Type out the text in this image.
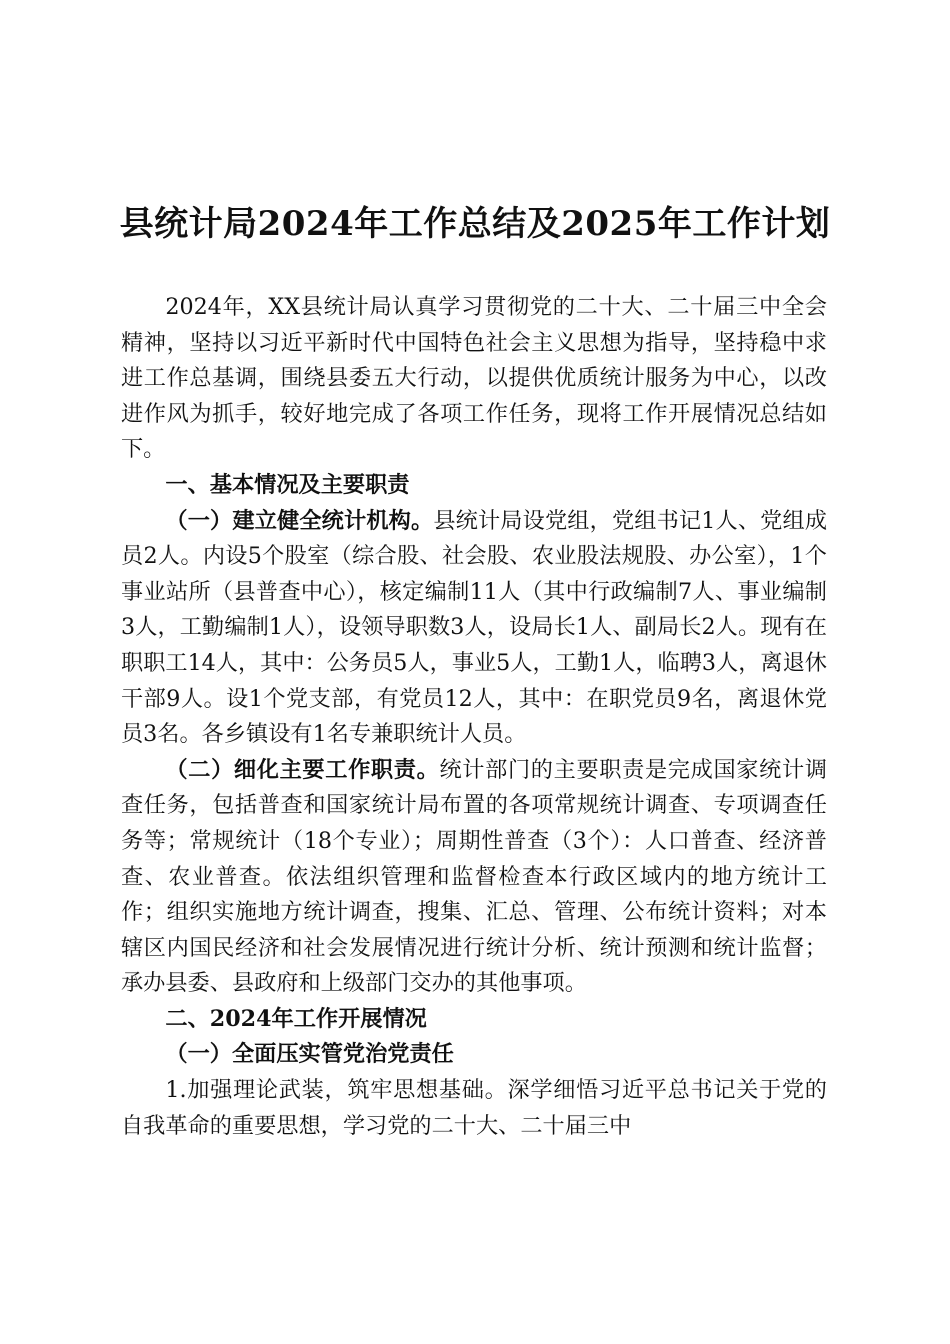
县统计局2024年工作总结及2025年工作计划

2024年，XX县统计局认真学习贯彻党的二十大、二十届三中全会精神，坚持以习近平新时代中国特色社会主义思想为指导，坚持稳中求进工作总基调，围绕县委五大行动，以提供优质统计服务为中心，以改进作风为抓手，较好地完成了各项工作任务，现将工作开展情况总结如下。

一、基本情况及主要职责

（一）建立健全统计机构。县统计局设党组，党组书记1人、党组成员2人。内设5个股室（综合股、社会股、农业股法规股、办公室），1个事业站所（县普查中心），核定编制11人（其中行政编制7人、事业编制3人，工勤编制1人），设领导职数3人，设局长1人、副局长2人。现有在职职工14人，其中：公务员5人，事业5人，工勤1人，临聘3人，离退休干部9人。设1个党支部，有党员12人，其中：在职党员9名，离退休党员3名。各乡镇设有1名专兼职统计人员。

（二）细化主要工作职责。统计部门的主要职责是完成国家统计调查任务，包括普查和国家统计局布置的各项常规统计调查、专项调查任务等；常规统计（18个专业）；周期性普查（3个）：人口普查、经济普查、农业普查。依法组织管理和监督检查本行政区域内的地方统计工作；组织实施地方统计调查，搜集、汇总、管理、公布统计资料；对本辖区内国民经济和社会发展情况进行统计分析、统计预测和统计监督；承办县委、县政府和上级部门交办的其他事项。

二、2024年工作开展情况

（一）全面压实管党治党责任

1.加强理论武装，筑牢思想基础。深学细悟习近平总书记关于党的自我革命的重要思想，学习党的二十大、二十届三中
